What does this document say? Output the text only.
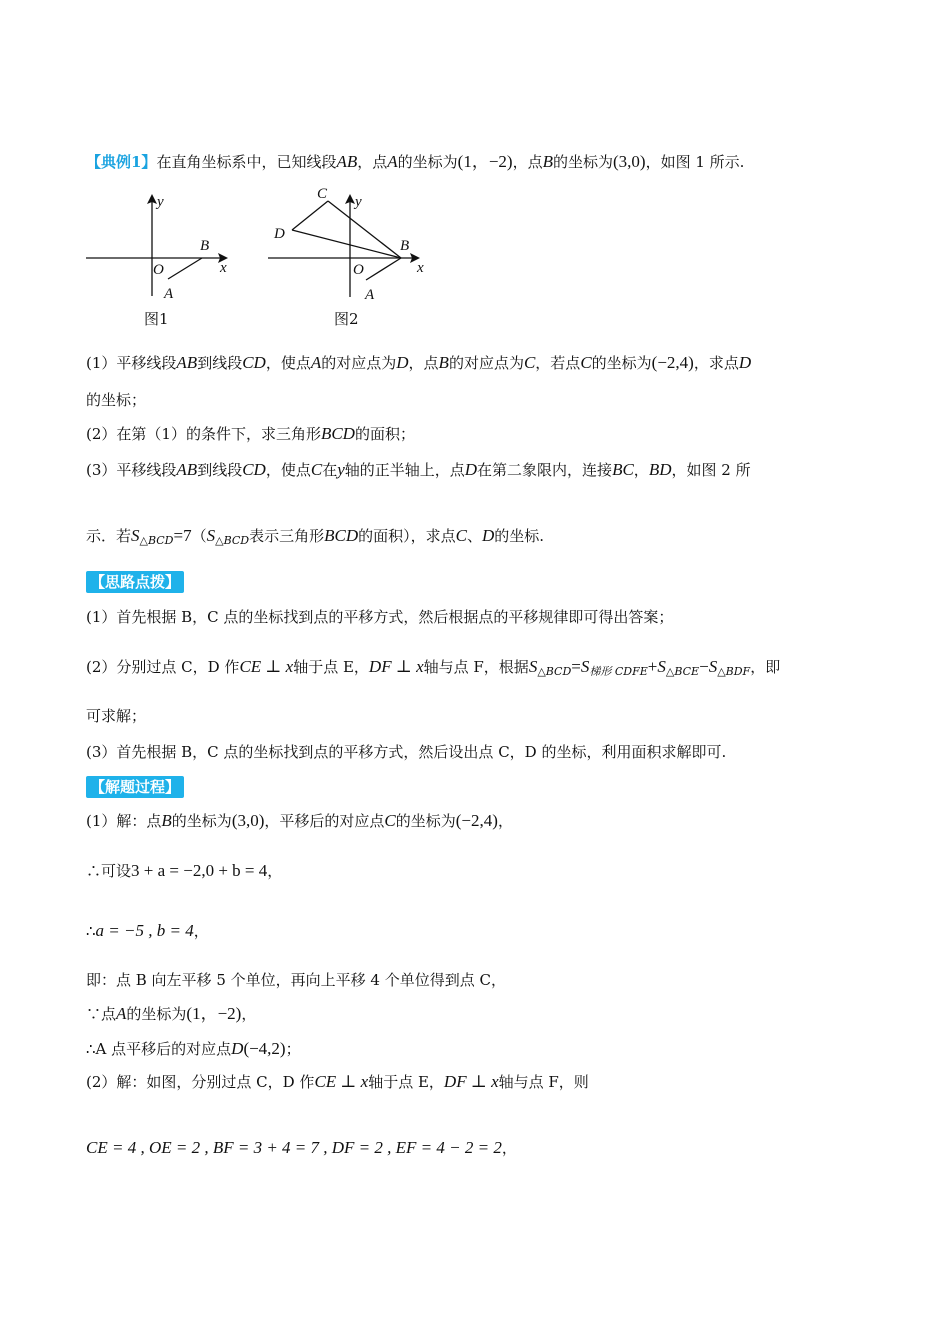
【典例1】在直角坐标系中，已知线段AB，点A的坐标为(1，−2)，点B的坐标为(3,0)，如图 1 所示.
y
x
O
A
B
图1
C y
D
B
x
O
A
图2
(1）平移线段AB到线段CD，使点A的对应点为D，点B的对应点为C，若点C的坐标为(−2,4)，求点D
的坐标；
(2）在第（1）的条件下，求三角形BCD的面积；
(3）平移线段AB到线段CD，使点C在y轴的正半轴上，点D在第二象限内，连接BC，BD，如图 2 所
示．若$S_{\triangle BCD}=7(S_{\triangle BCD}$表示三角形BCD的面积），求点C、D的坐标.
【思路点拨】
(1）首先根据 B，C 点的坐标找到点的平移方式，然后根据点的平移规律即可得出答案；
(2）分别过点 C，D 作CE ⊥ x轴于点 E，DF ⊥ x轴与点 F，根据$S_{\triangle BCD}=S_{梯形 CDFE}+S_{\triangle BCE}-S_{\triangle BDF}$，即
可求解；
(3）首先根据 B，C 点的坐标找到点的平移方式，然后设出点 C，D 的坐标，利用面积求解即可.
【解题过程】
(1）解：点B的坐标为(3,0)，平移后的对应点C的坐标为(−2,4)，
∴可设3 + a = −2,0 + b = 4，
∴a = −5 , b = 4，
即：点 B 向左平移 5 个单位，再向上平移 4 个单位得到点 C，
∵点A的坐标为(1，−2)，
∴A 点平移后的对应点D(−4,2)；
(2）解：如图，分别过点 C，D 作CE ⊥ x轴于点 E，DF ⊥ x轴与点 F，则
CE = 4 , OE = 2 , BF = 3 + 4 = 7 , DF = 2 , EF = 4 − 2 = 2，
